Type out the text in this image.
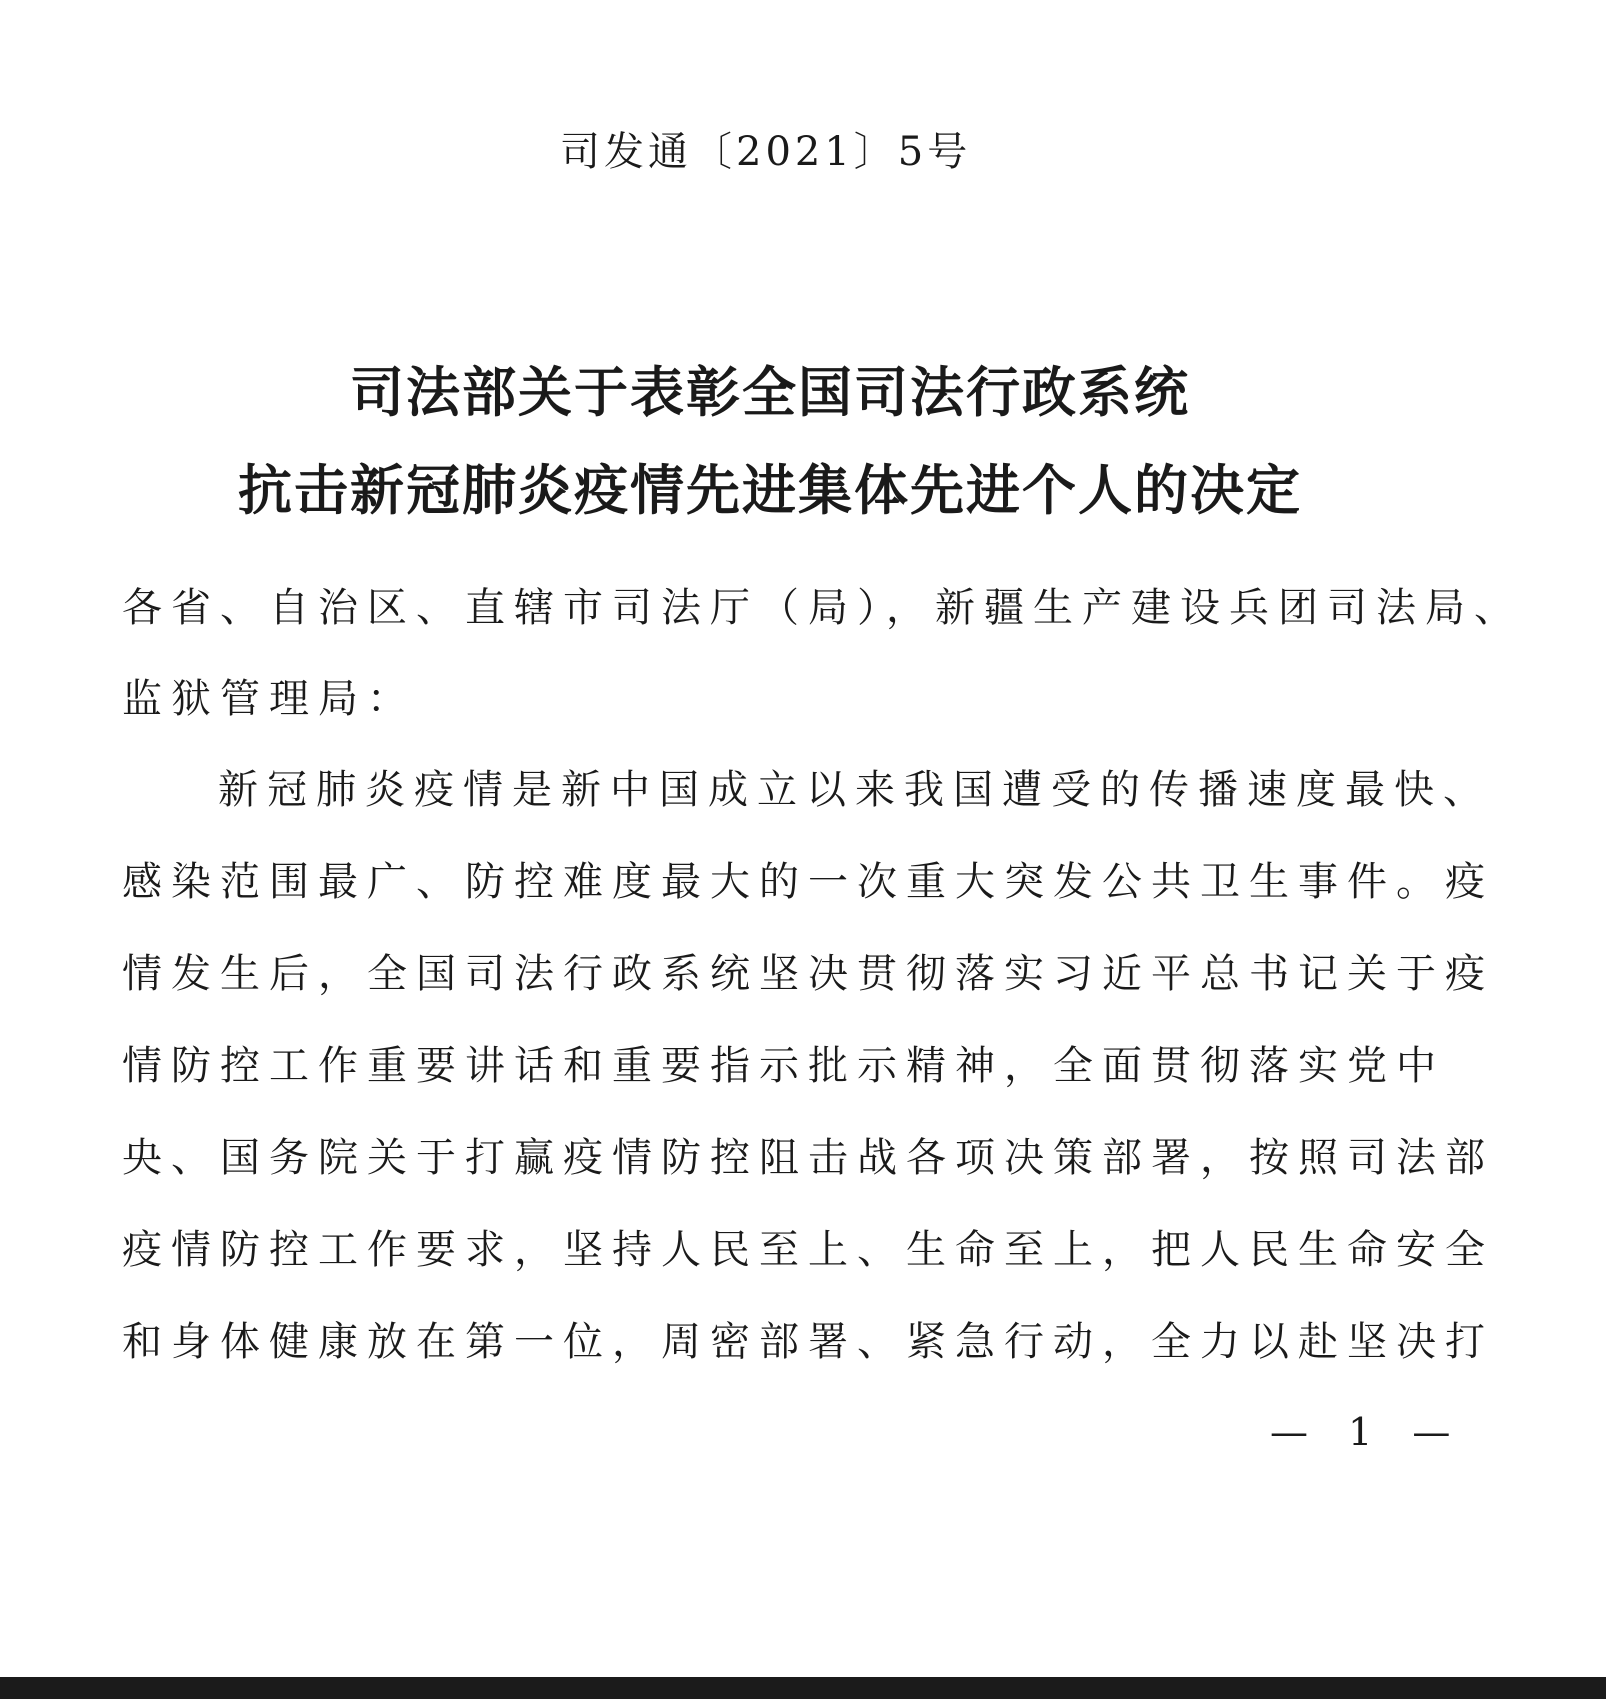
司发通〔2021〕5号
司法部关于表彰全国司法行政系统
抗击新冠肺炎疫情先进集体先进个人的决定
各省、自治区、直辖市司法厅（局），新疆生产建设兵团司法局、
监狱管理局：
新冠肺炎疫情是新中国成立以来我国遭受的传播速度最快、
感染范围最广、防控难度最大的一次重大突发公共卫生事件。疫
情发生后，全国司法行政系统坚决贯彻落实习近平总书记关于疫
情防控工作重要讲话和重要指示批示精神，全面贯彻落实党中
央、国务院关于打赢疫情防控阻击战各项决策部署，按照司法部
疫情防控工作要求，坚持人民至上、生命至上，把人民生命安全
和身体健康放在第一位，周密部署、紧急行动，全力以赴坚决打
— 1 —
